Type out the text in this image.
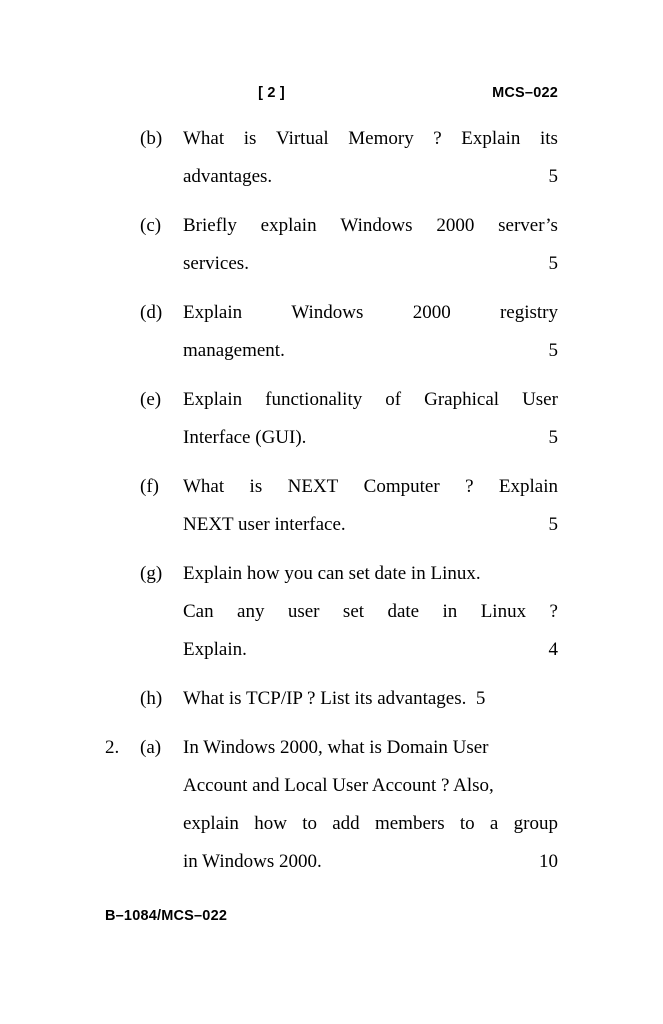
[ 2 ]	MCS–022
(b)	What is Virtual Memory ? Explain its
advantages.	5
(c)	Briefly explain Windows 2000 server’s
services.	5
(d)	Explain	Windows	2000	registry
management.	5
(e)	Explain functionality of Graphical User
Interface (GUI).	5
(f)	What is NEXT Computer ? Explain
NEXT user interface.	5
(g)	Explain how you can set date in Linux.
Can any user set date in Linux ?
Explain.	4
(h)	What is TCP/IP ? List its advantages.  5
2.	(a)	In Windows 2000, what is Domain User
Account and Local User Account ? Also,
explain how to add members to a group
in Windows 2000.	10
B–1084/MCS–022
